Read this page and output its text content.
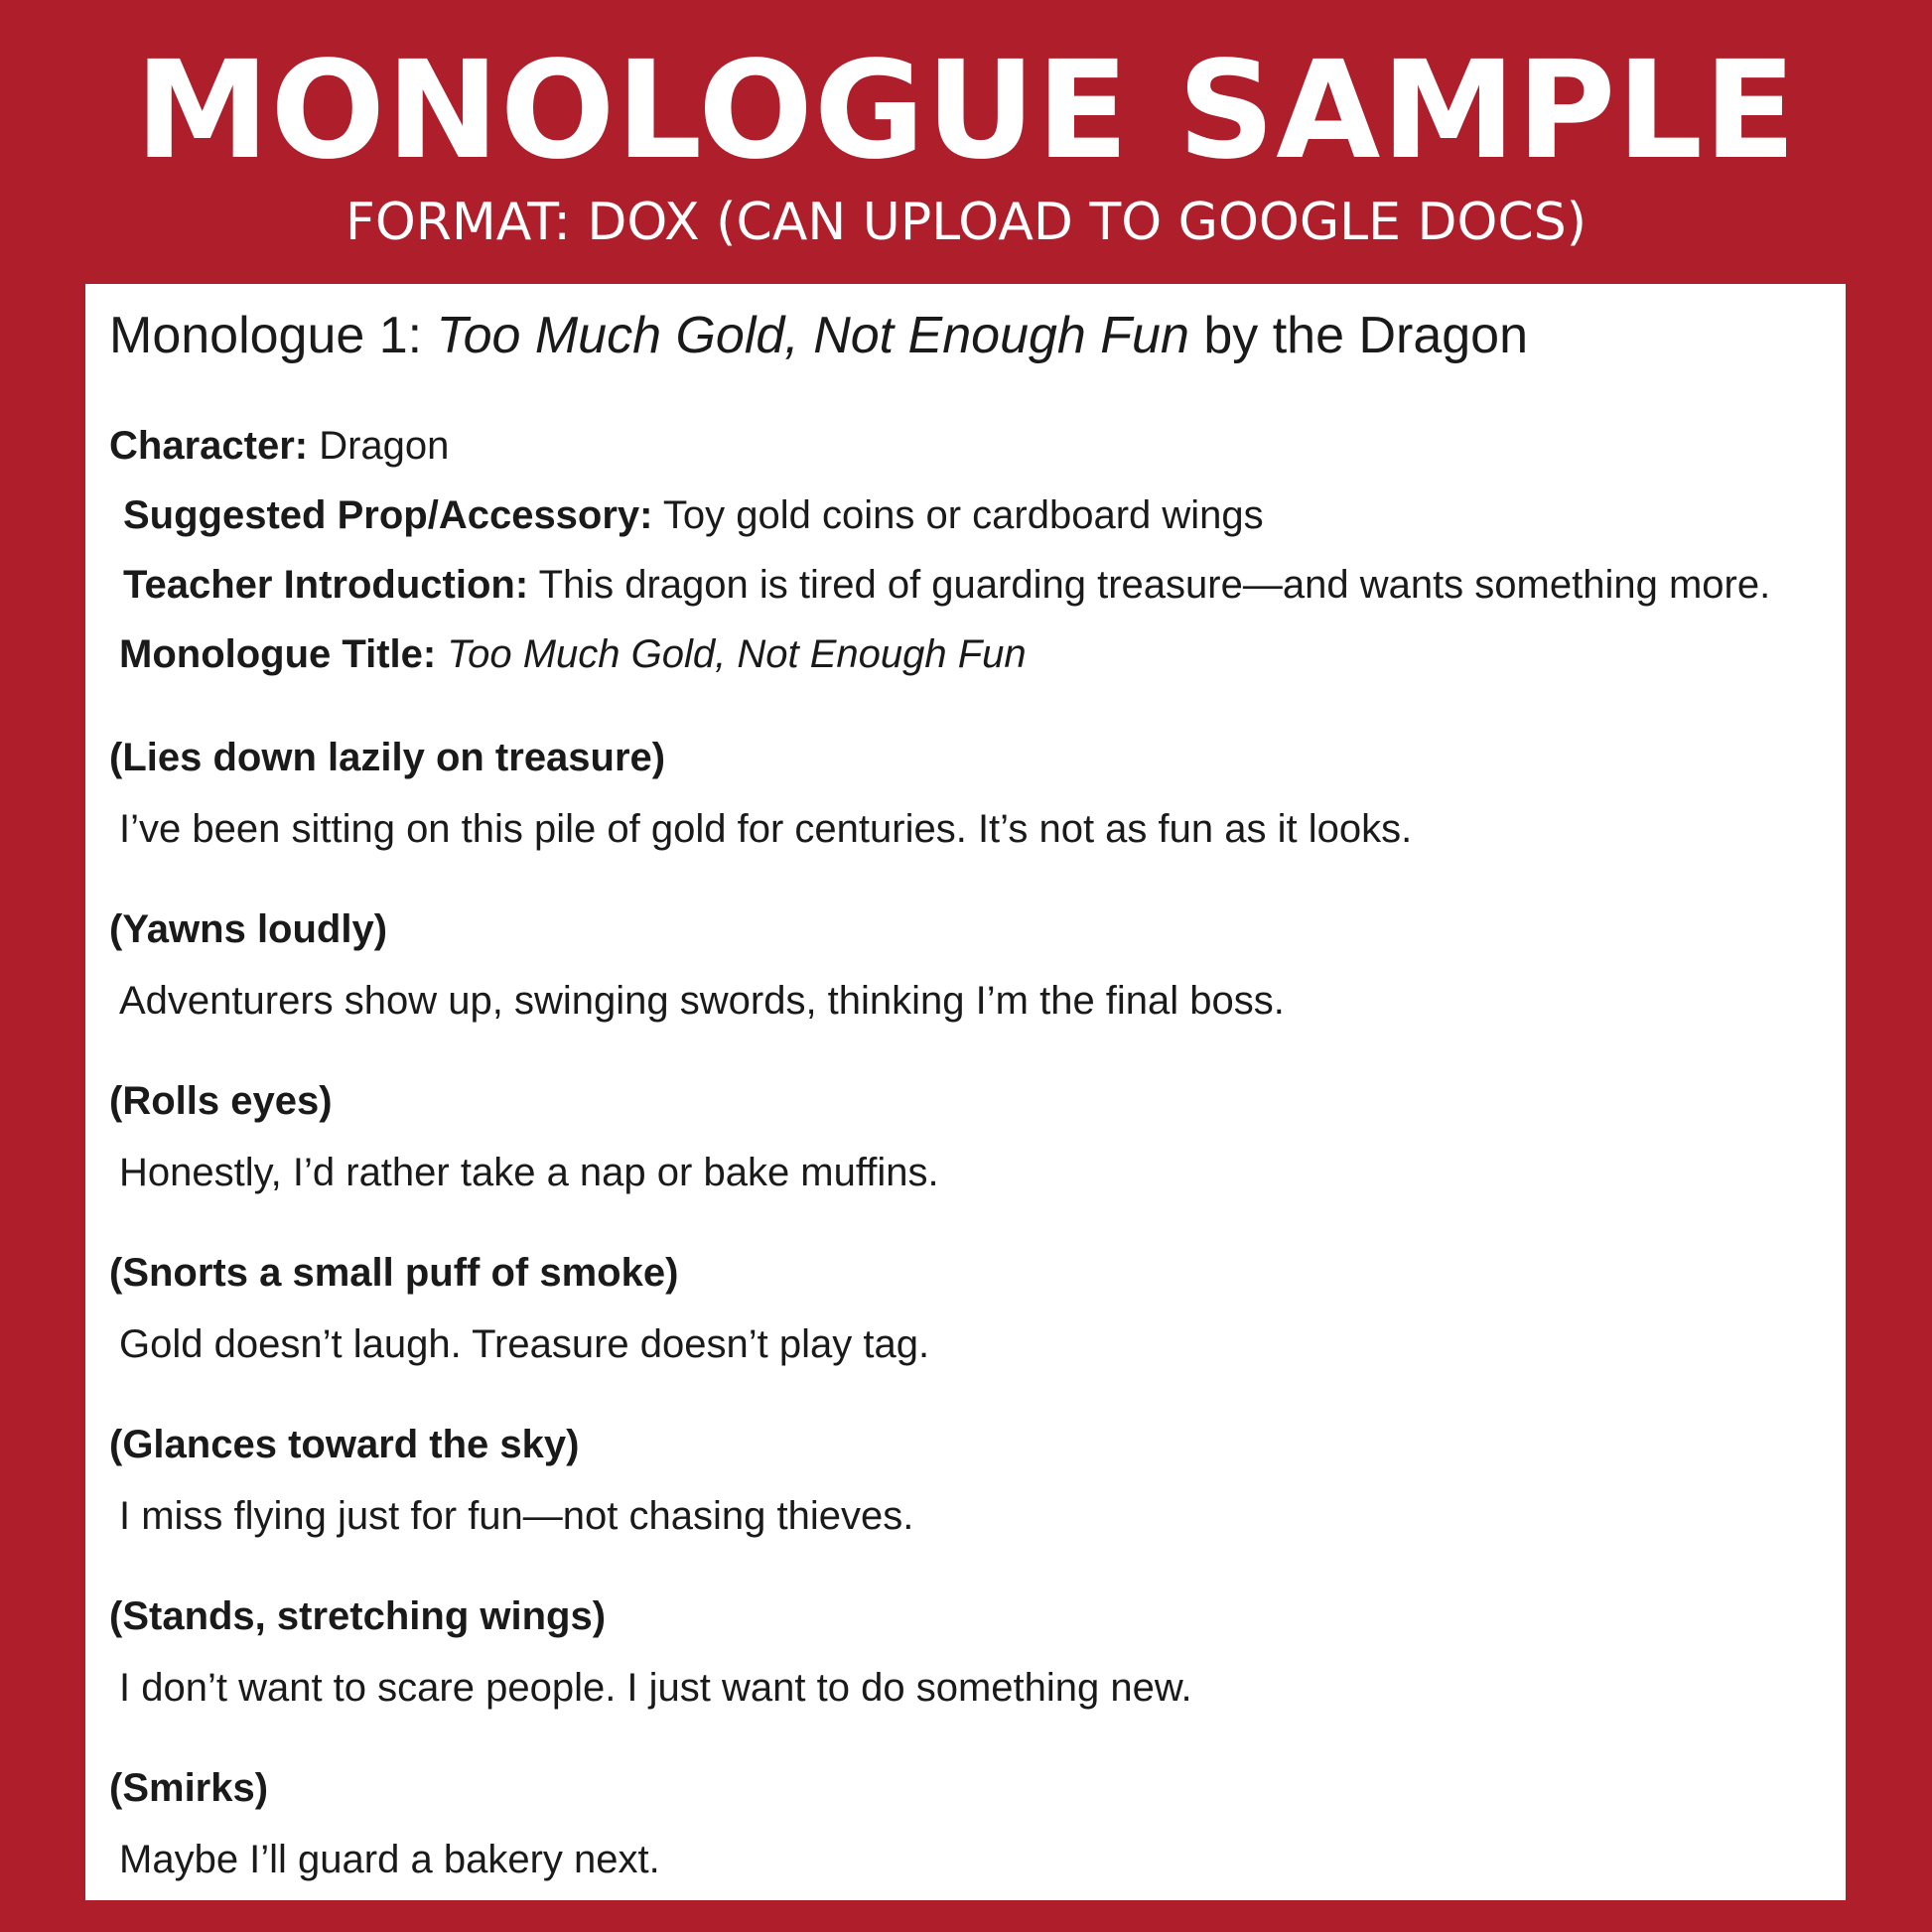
MONOLOGUE SAMPLE
FORMAT: DOX (CAN UPLOAD TO GOOGLE DOCS)
Monologue 1: Too Much Gold, Not Enough Fun by the Dragon
Character: Dragon
Suggested Prop/Accessory: Toy gold coins or cardboard wings
Teacher Introduction: This dragon is tired of guarding treasure—and wants something more.
Monologue Title: Too Much Gold, Not Enough Fun
(Lies down lazily on treasure)
I’ve been sitting on this pile of gold for centuries. It’s not as fun as it looks.
(Yawns loudly)
Adventurers show up, swinging swords, thinking I’m the final boss.
(Rolls eyes)
Honestly, I’d rather take a nap or bake muffins.
(Snorts a small puff of smoke)
Gold doesn’t laugh. Treasure doesn’t play tag.
(Glances toward the sky)
I miss flying just for fun—not chasing thieves.
(Stands, stretching wings)
I don’t want to scare people. I just want to do something new.
(Smirks)
Maybe I’ll guard a bakery next.
